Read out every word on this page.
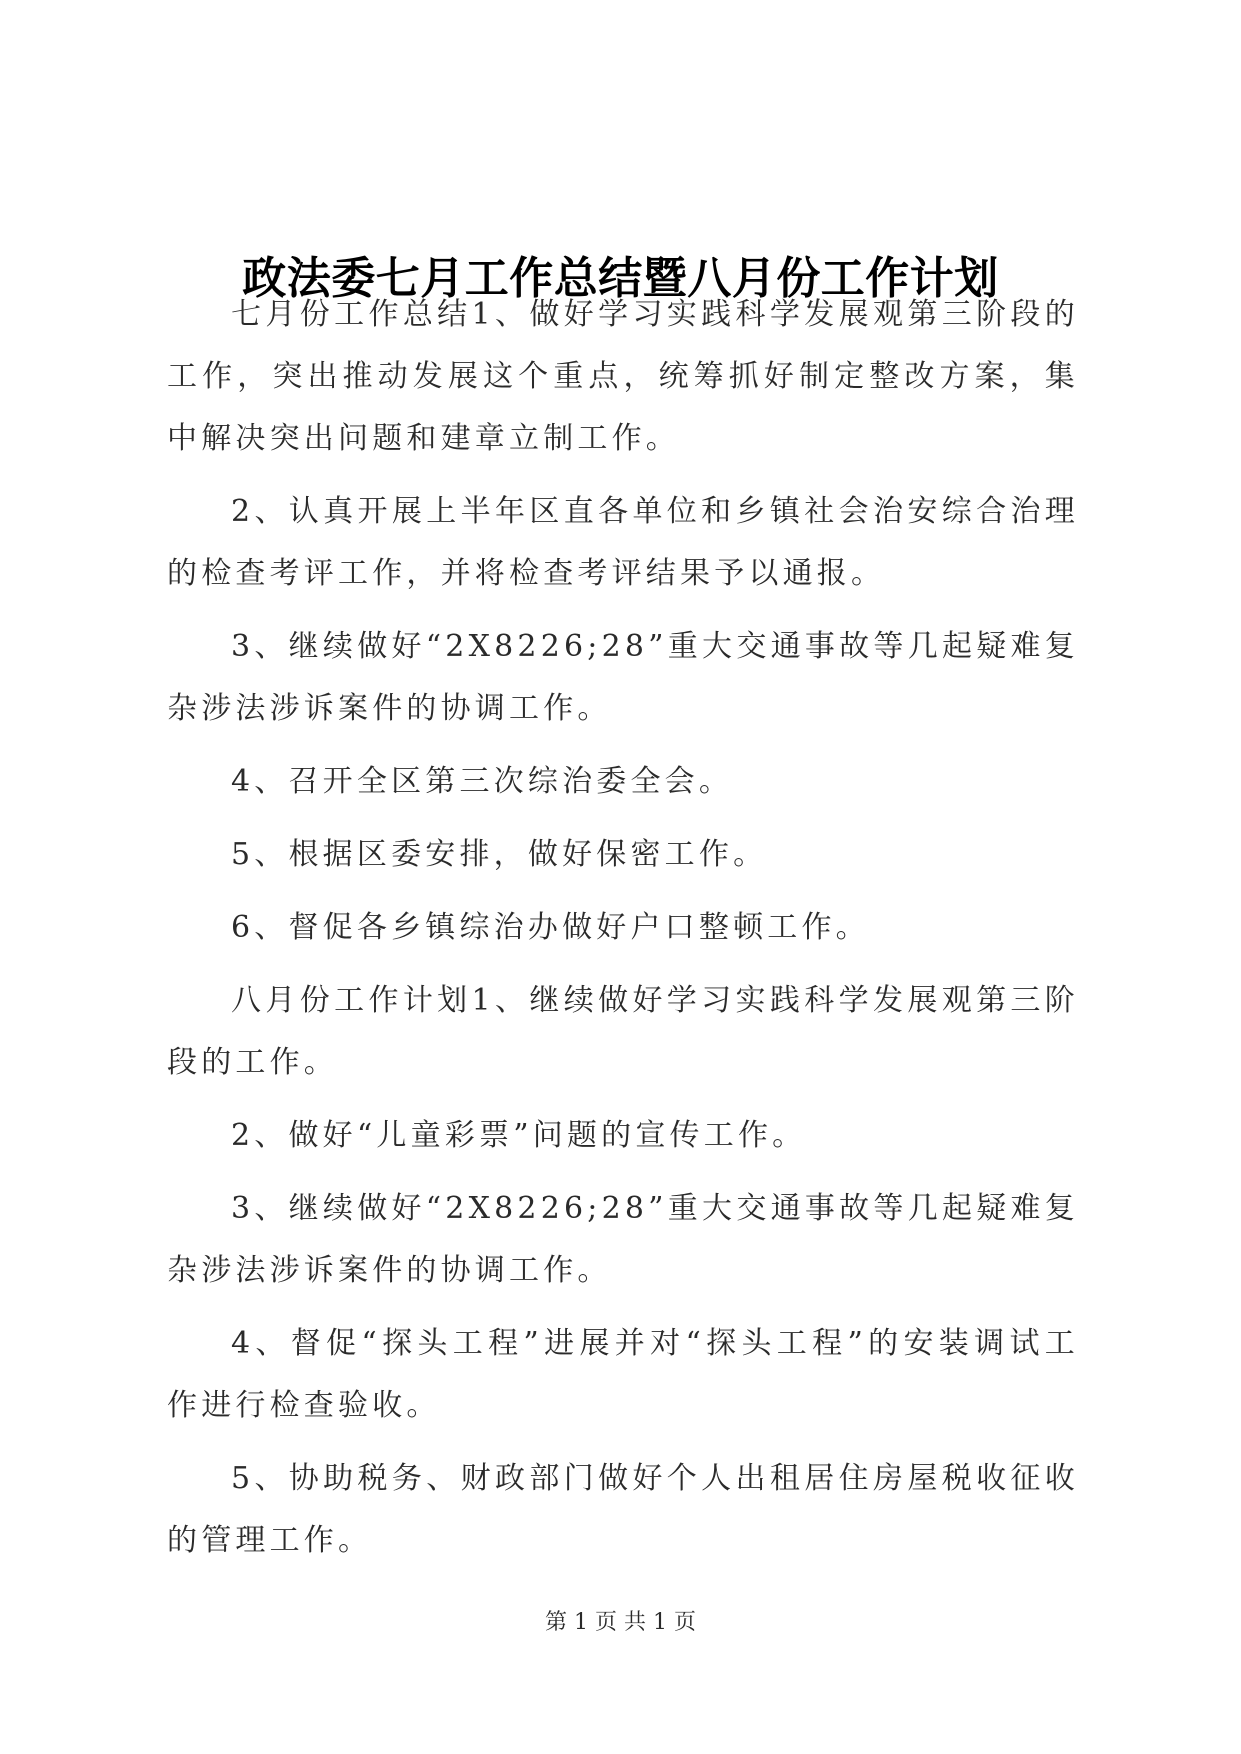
政法委七月工作总结暨八月份工作计划

七月份工作总结1、做好学习实践科学发展观第三阶段的工作，突出推动发展这个重点，统筹抓好制定整改方案，集中解决突出问题和建章立制工作。

2、认真开展上半年区直各单位和乡镇社会治安综合治理的检查考评工作，并将检查考评结果予以通报。

3、继续做好“2X8226;28”重大交通事故等几起疑难复杂涉法涉诉案件的协调工作。

4、召开全区第三次综治委全会。

5、根据区委安排，做好保密工作。

6、督促各乡镇综治办做好户口整顿工作。

八月份工作计划1、继续做好学习实践科学发展观第三阶段的工作。

2、做好“儿童彩票”问题的宣传工作。

3、继续做好“2X8226;28”重大交通事故等几起疑难复杂涉法涉诉案件的协调工作。

4、督促“探头工程”进展并对“探头工程”的安装调试工作进行检查验收。

5、协助税务、财政部门做好个人出租居住房屋税收征收的管理工作。

第 1 页 共 1 页
